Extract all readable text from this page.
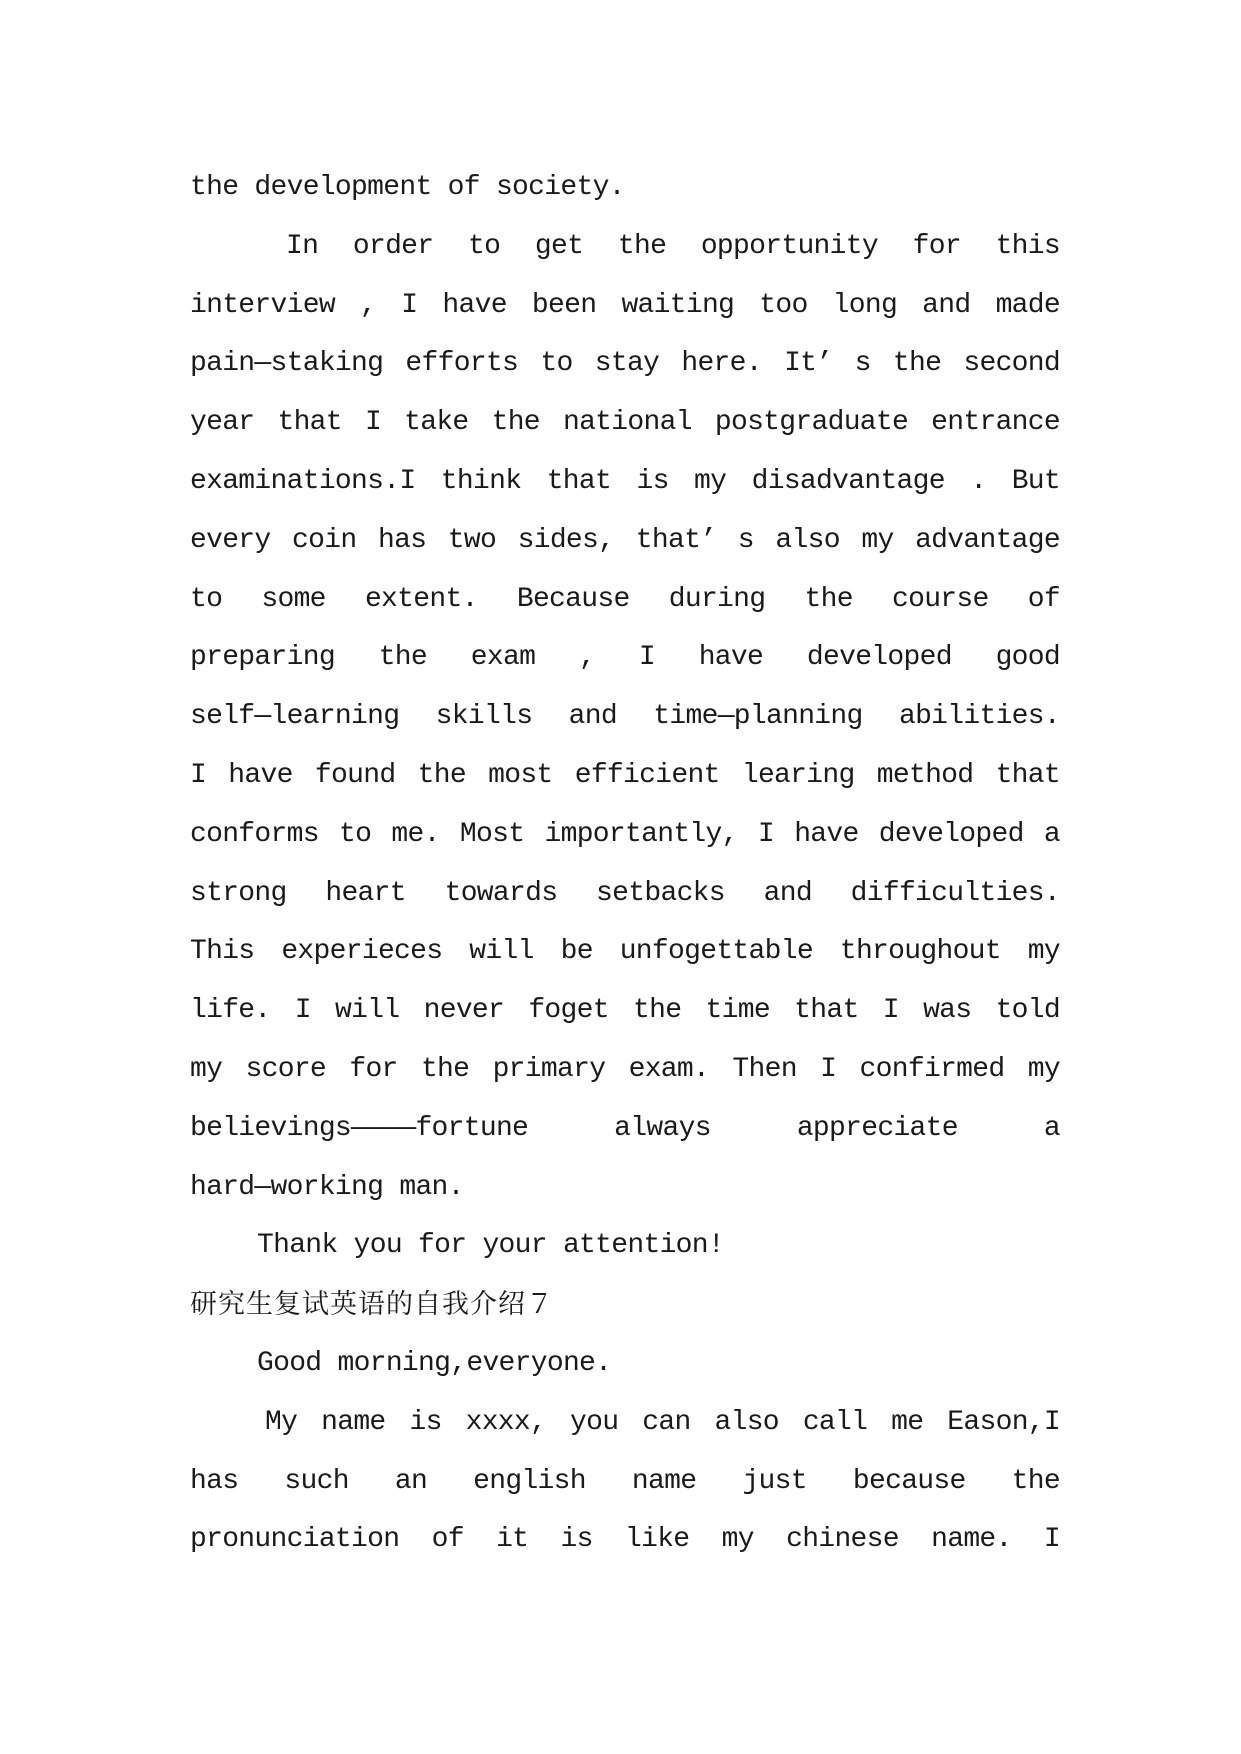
the development of society.
In order to get the opportunity for this
interview , I have been waiting too long and made
pain—staking efforts to stay here. It’ s the second
year that I take the national postgraduate entrance
examinations.I think that is my disadvantage . But
every coin has two sides, that’ s also my advantage
to some extent. Because during the course of
preparing the exam , I have developed good
self—learning skills and time—planning abilities.
I have found the most efficient learing method that
conforms to me. Most importantly, I have developed a
strong heart towards setbacks and difficulties.
This experieces will be unfogettable throughout my
life. I will never foget the time that I was told
my score for the primary exam. Then I confirmed my
believings————fortune always appreciate a
hard—working man.
Thank you for your attention!
研究生复试英语的自我介绍７
Good morning,everyone.
My name is xxxx, you can also call me Eason,I
has such an english name just because the
pronunciation of it is like my chinese name. I
